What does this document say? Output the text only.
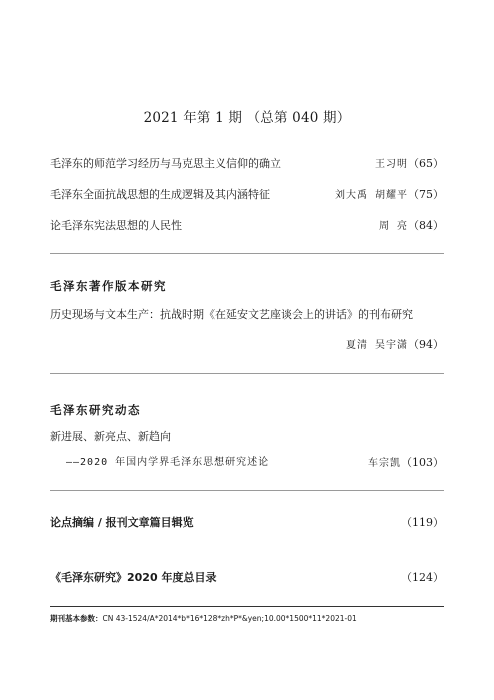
2021 年第 1 期 （总第 040 期）
毛泽东的师范学习经历与马克思主义信仰的确立	王习明（65）
毛泽东全面抗战思想的生成逻辑及其内涵特征	刘大禹 胡耀平（75）
论毛泽东宪法思想的人民性	周 亮（84）
毛泽东著作版本研究
历史现场与文本生产：抗战时期《在延安文艺座谈会上的讲话》的刊布研究
夏清 吴宇潇（94）
毛泽东研究动态
新进展、新亮点、新趋向
——2020 年国内学界毛泽东思想研究述论	车宗凯（103）
论点摘编 / 报刊文章篇目辑览	（119）
《毛泽东研究》2020 年度总目录	（124）
期刊基本参数：CN 43-1524/A*2014*b*16*128*zh*P*&yen;10.00*1500*11*2021-01
